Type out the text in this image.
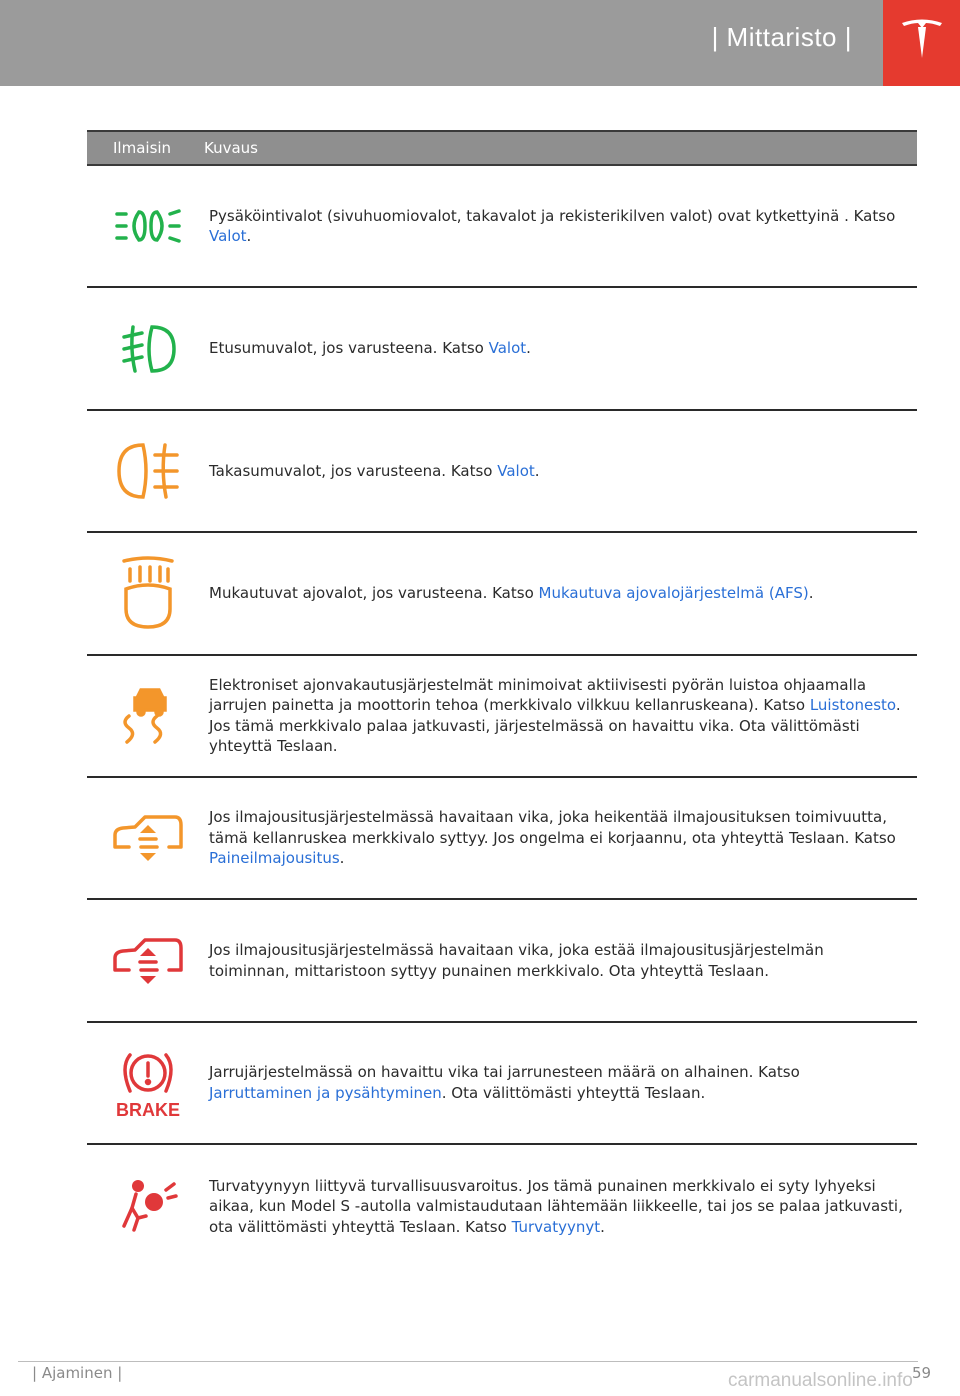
| Mittaristo |
Ilmaisin	Kuvaus
Pysäköintivalot (sivuhuomiovalot, takavalot ja rekisterikilven valot) ovat kytkettyinä . Katso Valot.
Etusumuvalot, jos varusteena. Katso Valot.
Takasumuvalot, jos varusteena. Katso Valot.
Mukautuvat ajovalot, jos varusteena. Katso Mukautuva ajovalojärjestelmä (AFS).
Elektroniset ajonvakautusjärjestelmät minimoivat aktiivisesti pyörän luistoa ohjaamalla jarrujen painetta ja moottorin tehoa (merkkivalo vilkkuu kellanruskeana). Katso Luistonesto. Jos tämä merkkivalo palaa jatkuvasti, järjestelmässä on havaittu vika. Ota välittömästi yhteyttä Teslaan.
Jos ilmajousitusjärjestelmässä havaitaan vika, joka heikentää ilmajousituksen toimivuutta, tämä kellanruskea merkkivalo syttyy. Jos ongelma ei korjaannu, ota yhteyttä Teslaan. Katso Paineilmajousitus.
Jos ilmajousitusjärjestelmässä havaitaan vika, joka estää ilmajousitusjärjestelmän toiminnan, mittaristoon syttyy punainen merkkivalo. Ota yhteyttä Teslaan.
BRAKE
Jarrujärjestelmässä on havaittu vika tai jarrunesteen määrä on alhainen. Katso Jarruttaminen ja pysähtyminen. Ota välittömästi yhteyttä Teslaan.
Turvatyynyyn liittyvä turvallisuusvaroitus. Jos tämä punainen merkkivalo ei syty lyhyeksi aikaa, kun Model S -autolla valmistaudutaan lähtemään liikkeelle, tai jos se palaa jatkuvasti, ota välittömästi yhteyttä Teslaan. Katso Turvatyynyt.
| Ajaminen |	59
carmanualsonline.info
